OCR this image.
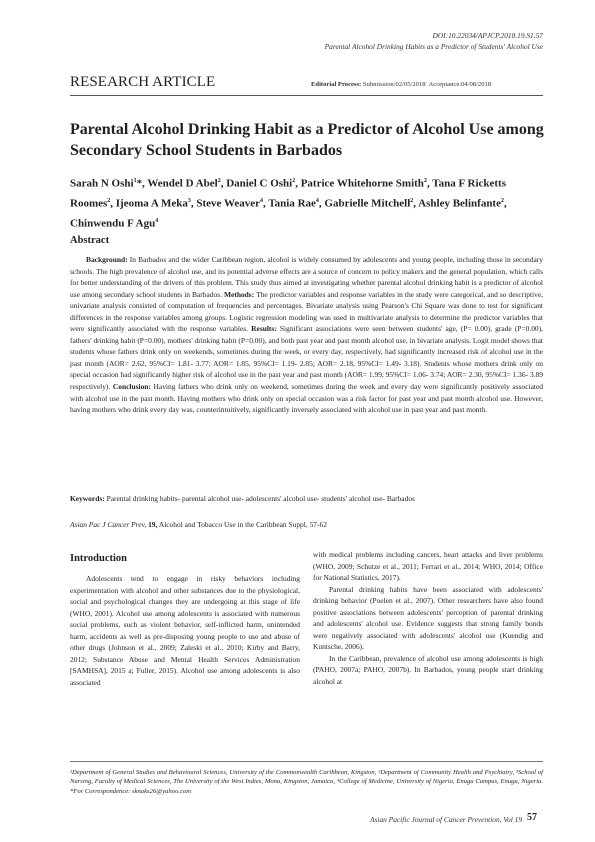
DOI:10.22034/APJCP.2018.19.S1.57
Parental Alcohol Drinking Habits as a Predictor of Students' Alcohol Use
RESEARCH ARTICLE	Editorial Process: Submission:02/05/2018 Acceptance:04/08/2018
Parental Alcohol Drinking Habit as a Predictor of Alcohol Use among Secondary School Students in Barbados
Sarah N Oshi$^1$*, Wendel D Abel$^2$, Daniel C Oshi$^2$, Patrice Whitehorne Smith$^2$, Tana F Ricketts Roomes$^2$, Ijeoma A Meka$^3$, Steve Weaver$^4$, Tania Rae$^4$, Gabrielle Mitchell$^2$, Ashley Belinfante$^2$, Chinwendu F Agu$^4$
Abstract
Background: In Barbados and the wider Caribbean region, alcohol is widely consumed by adolescents and young people, including those in secondary schools. The high prevalence of alcohol use, and its potential adverse effects are a source of concern to policy makers and the general population, which calls for better understanding of the drivers of this problem. This study thus aimed at investigating whether parental alcohol drinking habit is a predictor of alcohol use among secondary school students in Barbados. Methods: The predictor variables and response variables in the study were categorical, and so descriptive, univariate analysis consisted of computation of frequencies and percentages. Bivariate analysis using Pearson's Chi Square was done to test for significant differences in the response variables among groups. Logistic regression modeling was used in multivariate analysis to determine the predictor variables that were significantly associated with the response variables. Results: Significant associations were seen between students' age, (P= 0.00), grade (P=0.00), fathers' drinking habit (P=0.00), mothers' drinking habit (P=0.00), and both past year and past month alcohol use, in bivariate analysis. Logit model shows that students whose fathers drink only on weekends, sometimes during the week, or every day, respectively, had significantly increased risk of alcohol use in the past month (AOR= 2.62, 95%CI= 1.81- 3.77; AOR= 1.85, 95%CI= 1.19- 2.85; AOR= 2.18, 95%CI= 1.49- 3.18). Students whose mothers drink only on special occasion had significantly higher risk of alcohol use in the past year and past month (AOR= 1.99, 95%CI= 1.06- 3.74; AOR= 2.30, 95%CI= 1.36- 3.89 respectively). Conclusion: Having fathers who drink only on weekend, sometimes during the week and every day were significantly positively associated with alcohol use in the past month. Having mothers who drink only on special occasion was a risk factor for past year and past month alcohol use. However, having mothers who drink every day was, counterintuitively, significantly inversely associated with alcohol use in past year and past month.
Keywords: Parental drinking habits- parental alcohol use- adolescents' alcohol use- students' alcohol use- Barbados
Asian Pac J Cancer Prev, 19, Alcohol and Tobacco Use in the Caribbean Suppl, 57-62
Introduction
Adolescents tend to engage in risky behaviors including experimentation with alcohol and other substances due to the physiological, social and psychological changes they are undergoing at this stage of life (WHO, 2001). Alcohol use among adolescents is associated with numerous social problems, such as violent behavior, self-inflicted harm, unintended harm, accidents as well as pre-disposing young people to use and abuse of other drugs (Johnson et al., 2009; Zaleski et al., 2010; Kirby and Barry, 2012; Substance Abuse and Mental Health Services Administration [SAMHSA], 2015 a; Fuller, 2015). Alcohol use among adolescents is also associated

with medical problems including cancers, heart attacks and liver problems (WHO, 2009; Schutze et al., 2011; Ferrari et al., 2014; WHO, 2014; Office for National Statistics, 2017).

Parental drinking habits have been associated with adolescents' drinking behavior (Poelen et al., 2007). Other researchers have also found positive associations between adolescents' perception of parental drinking and adolescents' alcohol use. Evidence suggests that strong family bonds were negatively associated with adolescents' alcohol use (Kuendig and Kuntsche, 2006).

In the Caribbean, prevalence of alcohol use among adolescents is high (PAHO, 2007a; PAHO, 2007b). In Barbados, young people start drinking alcohol at

¹Department of General Studies and Behavioural Sciences, University of the Commonwealth Caribbean, Kingston, ²Department of Community Health and Psychiatry, ³School of Nursing, Faculty of Medical Sciences, The University of the West Indies, Mona, Kingston, Jamaica, ⁴College of Medicine, University of Nigeria, Enugu Campus, Enugu, Nigeria. *For Correspondence: sknaks26@yahoo.com
Asian Pacific Journal of Cancer Prevention, Vol 19 57
